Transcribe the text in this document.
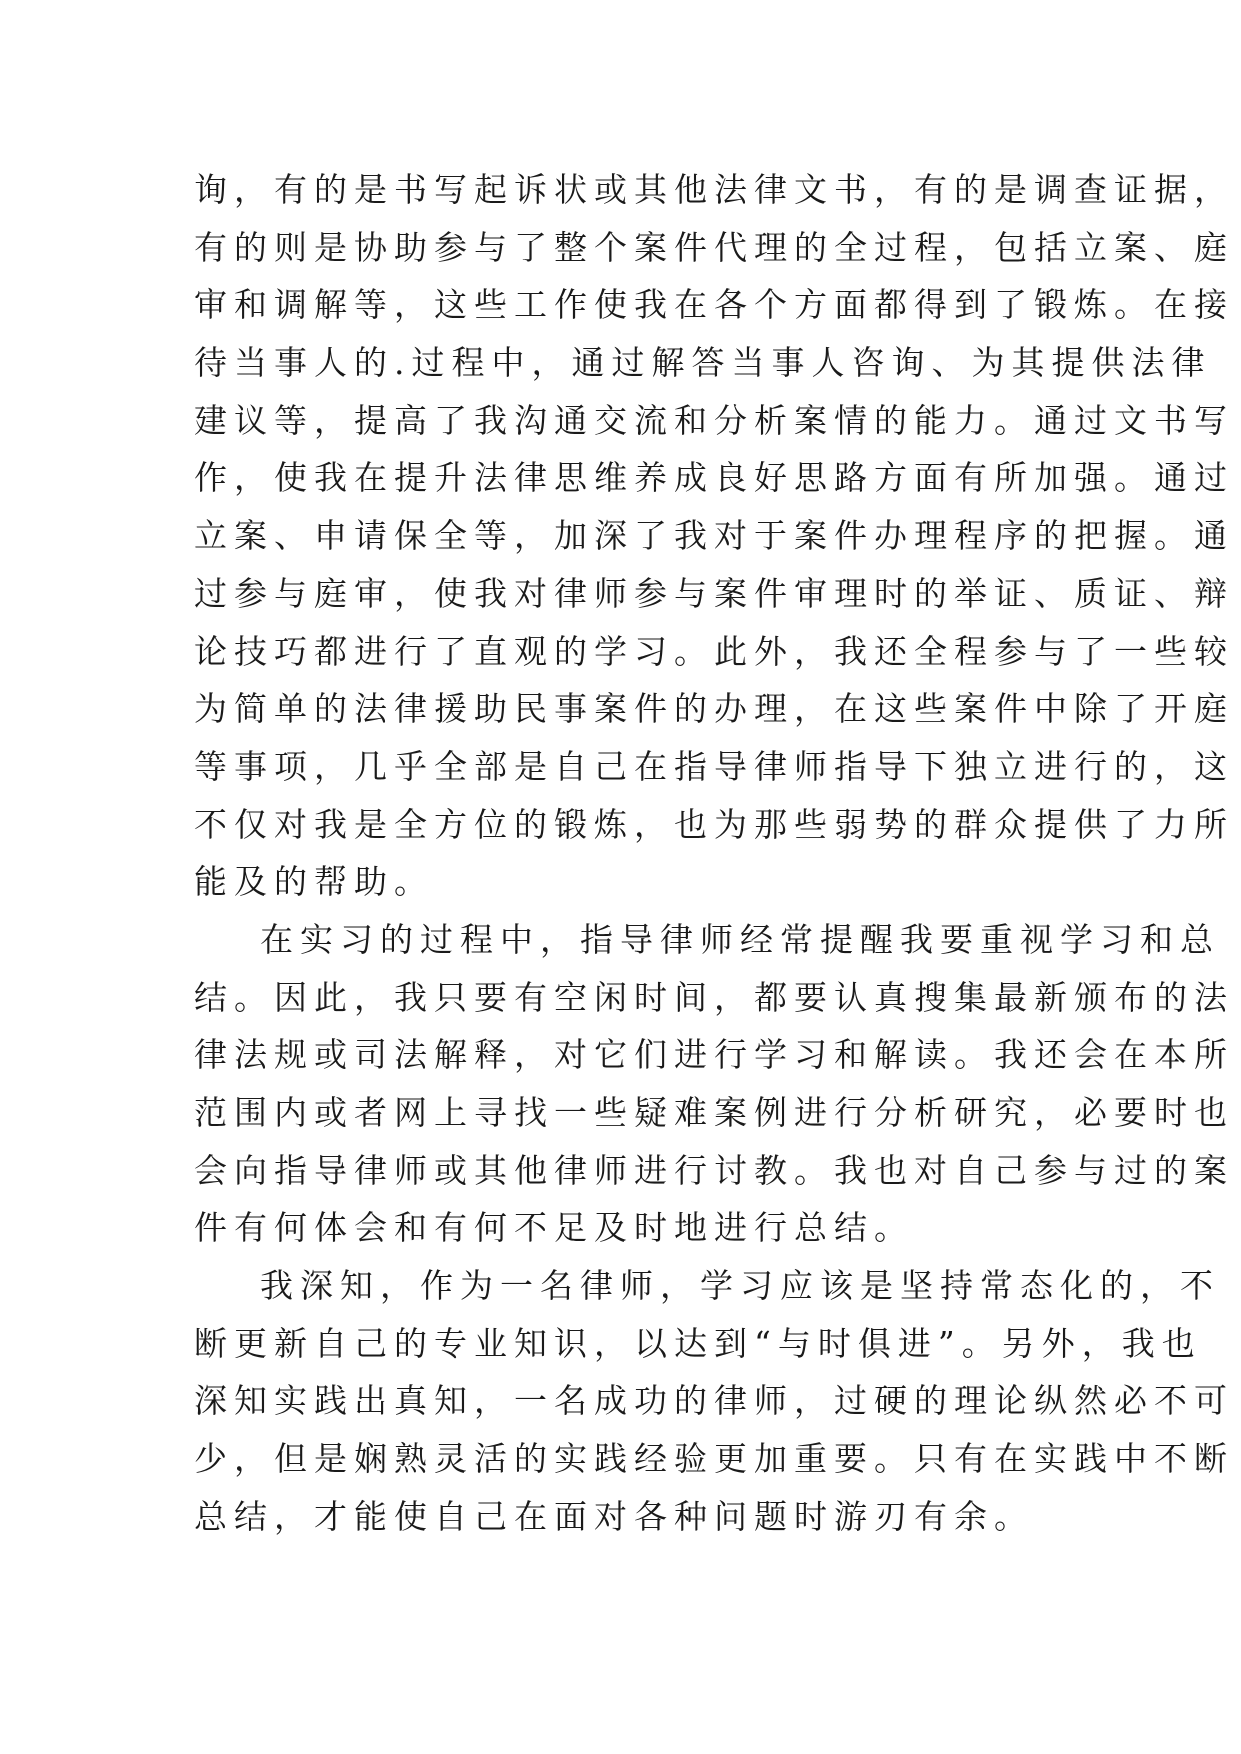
询，有的是书写起诉状或其他法律文书，有的是调查证据，
有的则是协助参与了整个案件代理的全过程，包括立案、庭
审和调解等，这些工作使我在各个方面都得到了锻炼。在接
待当事人的.过程中，通过解答当事人咨询、为其提供法律
建议等，提高了我沟通交流和分析案情的能力。通过文书写
作，使我在提升法律思维养成良好思路方面有所加强。通过
立案、申请保全等，加深了我对于案件办理程序的把握。通
过参与庭审，使我对律师参与案件审理时的举证、质证、辩
论技巧都进行了直观的学习。此外，我还全程参与了一些较
为简单的法律援助民事案件的办理，在这些案件中除了开庭
等事项，几乎全部是自己在指导律师指导下独立进行的，这
不仅对我是全方位的锻炼，也为那些弱势的群众提供了力所
能及的帮助。
在实习的过程中，指导律师经常提醒我要重视学习和总
结。因此，我只要有空闲时间，都要认真搜集最新颁布的法
律法规或司法解释，对它们进行学习和解读。我还会在本所
范围内或者网上寻找一些疑难案例进行分析研究，必要时也
会向指导律师或其他律师进行讨教。我也对自己参与过的案
件有何体会和有何不足及时地进行总结。
我深知，作为一名律师，学习应该是坚持常态化的，不
断更新自己的专业知识，以达到“与时俱进”。另外，我也
深知实践出真知，一名成功的律师，过硬的理论纵然必不可
少，但是娴熟灵活的实践经验更加重要。只有在实践中不断
总结，才能使自己在面对各种问题时游刃有余。
